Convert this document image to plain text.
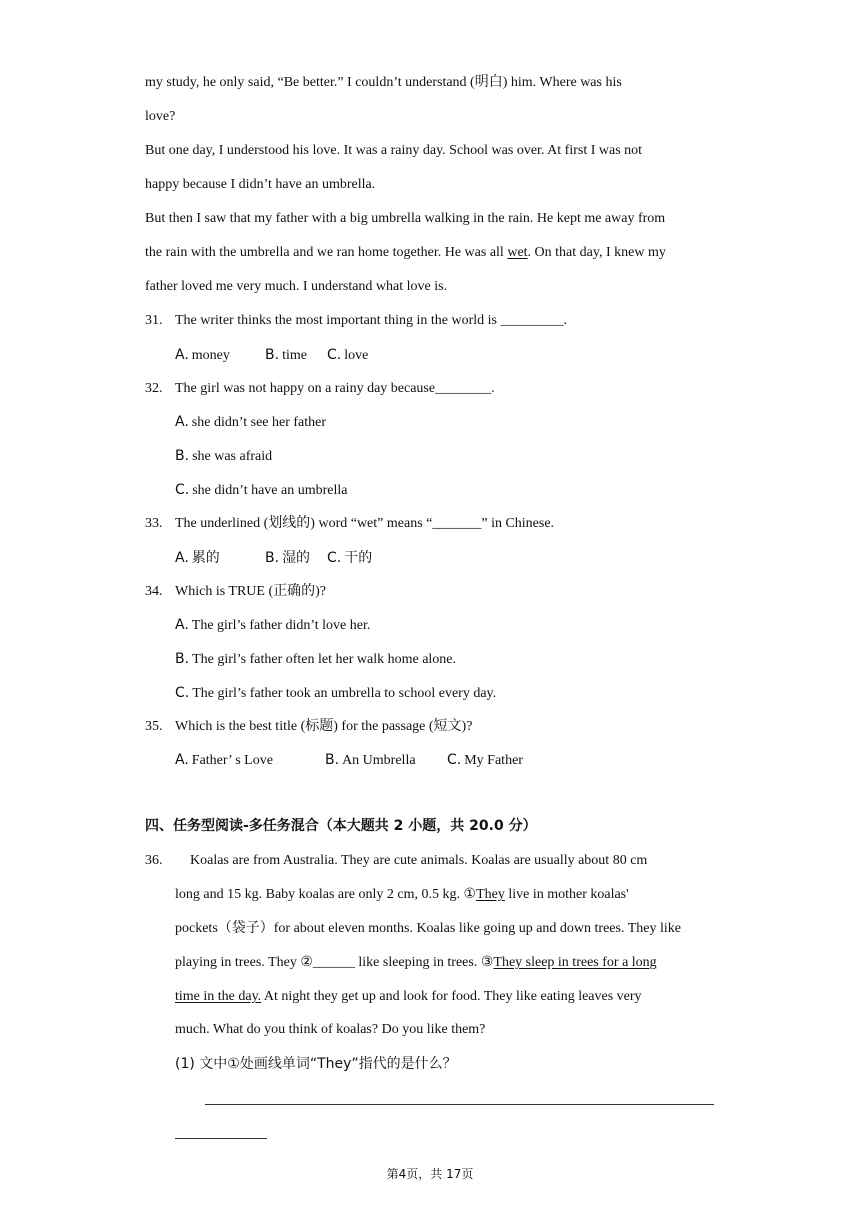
my study, he only said, “Be better.” I couldn’t understand (明白) him. Where was his
love?
But one day, I understood his love. It was a rainy day. School was over. At first I was not
happy because I didn’t have an umbrella.
But then I saw that my father with a big umbrella walking in the rain. He kept me away from
the rain with the umbrella and we ran home together. He was all wet. On that day, I knew my
father loved me very much. I understand what love is.
31. The writer thinks the most important thing in the world is _________.
A. money	B. time C. love
32. The girl was not happy on a rainy day because________.
A. she didn’t see her father
B. she was afraid
C. she didn’t have an umbrella
33. The underlined (划线的) word “wet” means “_______” in Chinese.
A. 累的	B. 湿的 C. 干的
34. Which is TRUE (正确的)?
A. The girl’s father didn’t love her.
B. The girl’s father often let her walk home alone.
C. The girl’s father took an umbrella to school every day.
35. Which is the best title (标题) for the passage (短文)?
A. Father’ s Love	B. An Umbrella C. My Father
四、任务型阅读-多任务混合（本大题共 2 小题，共 20.0 分）
36. Koalas are from Australia. They are cute animals. Koalas are usually about 80 cm
long and 15 kg. Baby koalas are only 2 cm, 0.5 kg. ①They live in mother koalas'
pockets（袋子）for about eleven months. Koalas like going up and down trees. They like
playing in trees. They ②______ like sleeping in trees. ③They sleep in trees for a long
time in the day. At night they get up and look for food. They like eating leaves very
much. What do you think of koalas? Do you like them?
(1) 文中①处画线单词“They”指代的是什么？
第4页，共 17页
